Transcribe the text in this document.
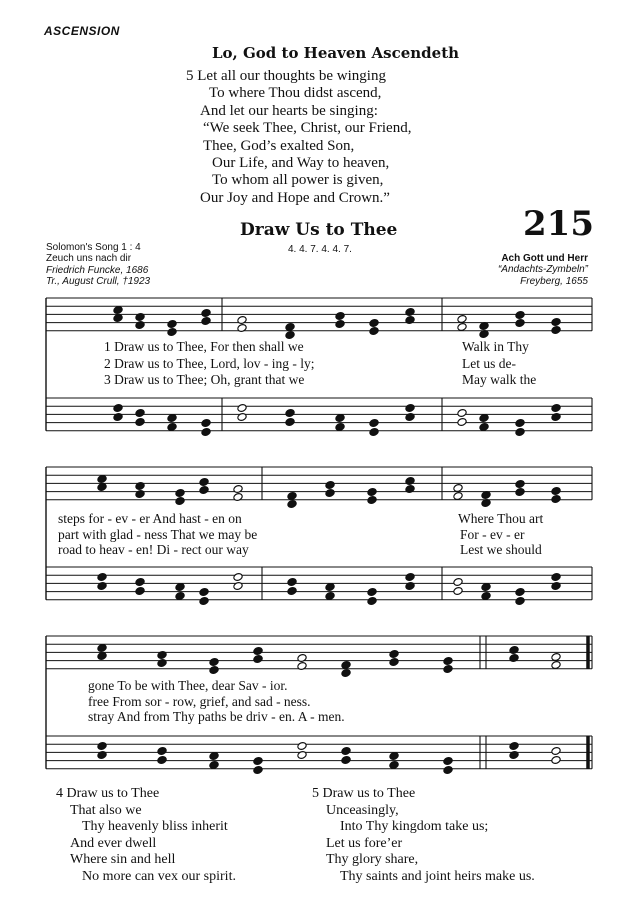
ASCENSION
Lo, God to Heaven Ascendeth
5 Let all our thoughts be winging
To where Thou didst ascend,
And let our hearts be singing:
“We seek Thee, Christ, our Friend,
Thee, God’s exalted Son,
Our Life, and Way to heaven,
To whom all power is given,
Our Joy and Hope and Crown.”
Draw Us to Thee	215
4. 4. 7. 4. 4. 7.
Solomon's Song 1 : 4
Zeuch uns nach dir
Friedrich Funcke, 1686
Tr., August Crull, †1923
Ach Gott und Herr
“Andachts-Zymbeln”
Freyberg, 1655
1 Draw us to Thee, For then shall we	Walk in Thy
2 Draw us to Thee, Lord, lov - ing - ly;	Let us de-
3 Draw us to Thee; Oh, grant that we	May walk the
steps for - ev - er And hast - en on	Where Thou art
part with glad - ness That we may be	For - ev - er
road to heav - en! Di - rect our way	Lest we should
gone To be with Thee, dear Sav - ior.
free From sor - row, grief, and sad - ness.
stray And from Thy paths be driv - en. A - men.
4 Draw us to Thee
That also we
Thy heavenly bliss inherit
And ever dwell
Where sin and hell
No more can vex our spirit.
5 Draw us to Thee
Unceasingly,
Into Thy kingdom take us;
Let us fore’er
Thy glory share,
Thy saints and joint heirs make us.
